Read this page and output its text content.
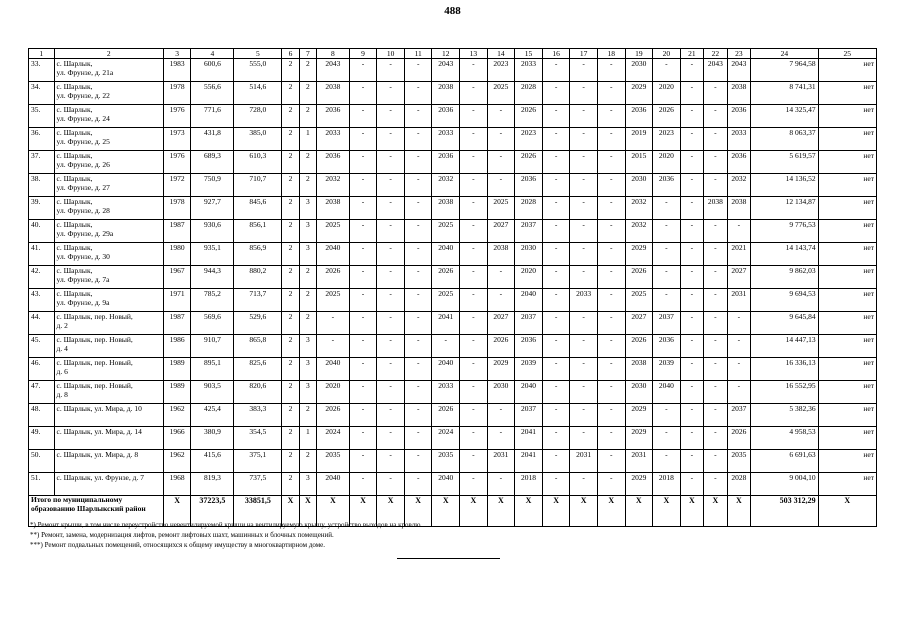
488
1	2	3	4	5	6	7	8	9	10	11	12	13	14	15	16	17	18	19	20	21	22	23	24	25
33.	с. Шарлык,
ул. Фрунзе, д. 21а	1983	600,6	555,0	2	2	2043	-	-	-	2043	-	2023	2033	-	-	-	2030	-	-	2043	2043	7 964,58	нет
34.	с. Шарлык,
ул. Фрунзе, д. 22	1978	556,6	514,6	2	2	2038	-	-	-	2038	-	2025	2028	-	-	-	2029	2020	-	-	2038	8 741,31	нет
35.	с. Шарлык,
ул. Фрунзе, д. 24	1976	771,6	728,0	2	2	2036	-	-	-	2036	-	-	2026	-	-	-	2036	2026	-	-	2036	14 325,47	нет
36.	с. Шарлык,
ул. Фрунзе, д. 25	1973	431,8	385,0	2	1	2033	-	-	-	2033	-	-	2023	-	-	-	2019	2023	-	-	2033	8 063,37	нет
37.	с. Шарлык,
ул. Фрунзе, д. 26	1976	689,3	610,3	2	2	2036	-	-	-	2036	-	-	2026	-	-	-	2015	2020	-	-	2036	5 619,57	нет
38.	с. Шарлык,
ул. Фрунзе, д. 27	1972	750,9	710,7	2	2	2032	-	-	-	2032	-	-	2036	-	-	-	2030	2036	-	-	2032	14 136,52	нет
39.	с. Шарлык,
ул. Фрунзе, д. 28	1978	927,7	845,6	2	3	2038	-	-	-	2038	-	2025	2028	-	-	-	2032	-	-	2038	2038	12 134,87	нет
40.	с. Шарлык,
ул. Фрунзе, д. 29а	1987	930,6	856,1	2	3	2025	-	-	-	2025	-	2027	2037	-	-	-	2032	-	-	-	-	9 776,53	нет
41.	с. Шарлык,
ул. Фрунзе, д. 30	1980	935,1	856,9	2	3	2040	-	-	-	2040	-	2038	2030	-	-	-	2029	-	-	-	2021	14 143,74	нет
42.	с. Шарлык,
ул. Фрунзе, д. 7а	1967	944,3	880,2	2	2	2026	-	-	-	2026	-	-	2020	-	-	-	2026	-	-	-	2027	9 862,03	нет
43.	с. Шарлык,
ул. Фрунзе, д. 9а	1971	785,2	713,7	2	2	2025	-	-	-	2025	-	-	2040	-	2033	-	2025	-	-	-	2031	9 694,53	нет
44.	с. Шарлык, пер. Новый,
д. 2	1987	569,6	529,6	2	2	-	-	-	-	2041	-	2027	2037	-	-	-	2027	2037	-	-	-	9 645,84	нет
45.	с. Шарлык, пер. Новый,
д. 4	1986	910,7	865,8	2	3	-	-	-	-	-	-	2026	2036	-	-	-	2026	2036	-	-	-	14 447,13	нет
46.	с. Шарлык, пер. Новый,
д. 6	1989	895,1	825,6	2	3	2040	-	-	-	2040	-	2029	2039	-	-	-	2038	2039	-	-	-	16 336,13	нет
47.	с. Шарлык, пер. Новый,
д. 8	1989	903,5	820,6	2	3	2020	-	-	-	2033	-	2030	2040	-	-	-	2030	2040	-	-	-	16 552,95	нет
48.	с. Шарлык, ул. Мира, д. 10	1962	425,4	383,3	2	2	2026	-	-	-	2026	-	-	2037	-	-	-	2029	-	-	-	2037	5 382,36	нет
49.	с. Шарлык, ул. Мира, д. 14	1966	380,9	354,5	2	1	2024	-	-	-	2024	-	-	2041	-	-	-	2029	-	-	-	2026	4 958,53	нет
50.	с. Шарлык, ул. Мира, д. 8	1962	415,6	375,1	2	2	2035	-	-	-	2035	-	2031	2041	-	2031	-	2031	-	-	-	2035	6 691,63	нет
51.	с. Шарлык, ул. Фрунзе, д. 7	1968	819,3	737,5	2	3	2040	-	-	-	2040	-	-	2018	-	-	-	2029	2018	-	-	2028	9 004,10	нет
Итого по муниципальному образованию Шарлыкский район		X	37223,5	33851,5	X	X	X	X	X	X	X	X	X	X	X	X	X	X	X	X	X	X	503 312,29	X
*) Ремонт крыши, в том числе переустройство невентилируемой крыши на вентилируемую крышу, устройство выходов на кровлю.
**) Ремонт, замена, модернизация лифтов, ремонт лифтовых шахт, машинных и блочных помещений.
***) Ремонт подвальных помещений, относящихся к общему имуществу в многоквартирном доме.
